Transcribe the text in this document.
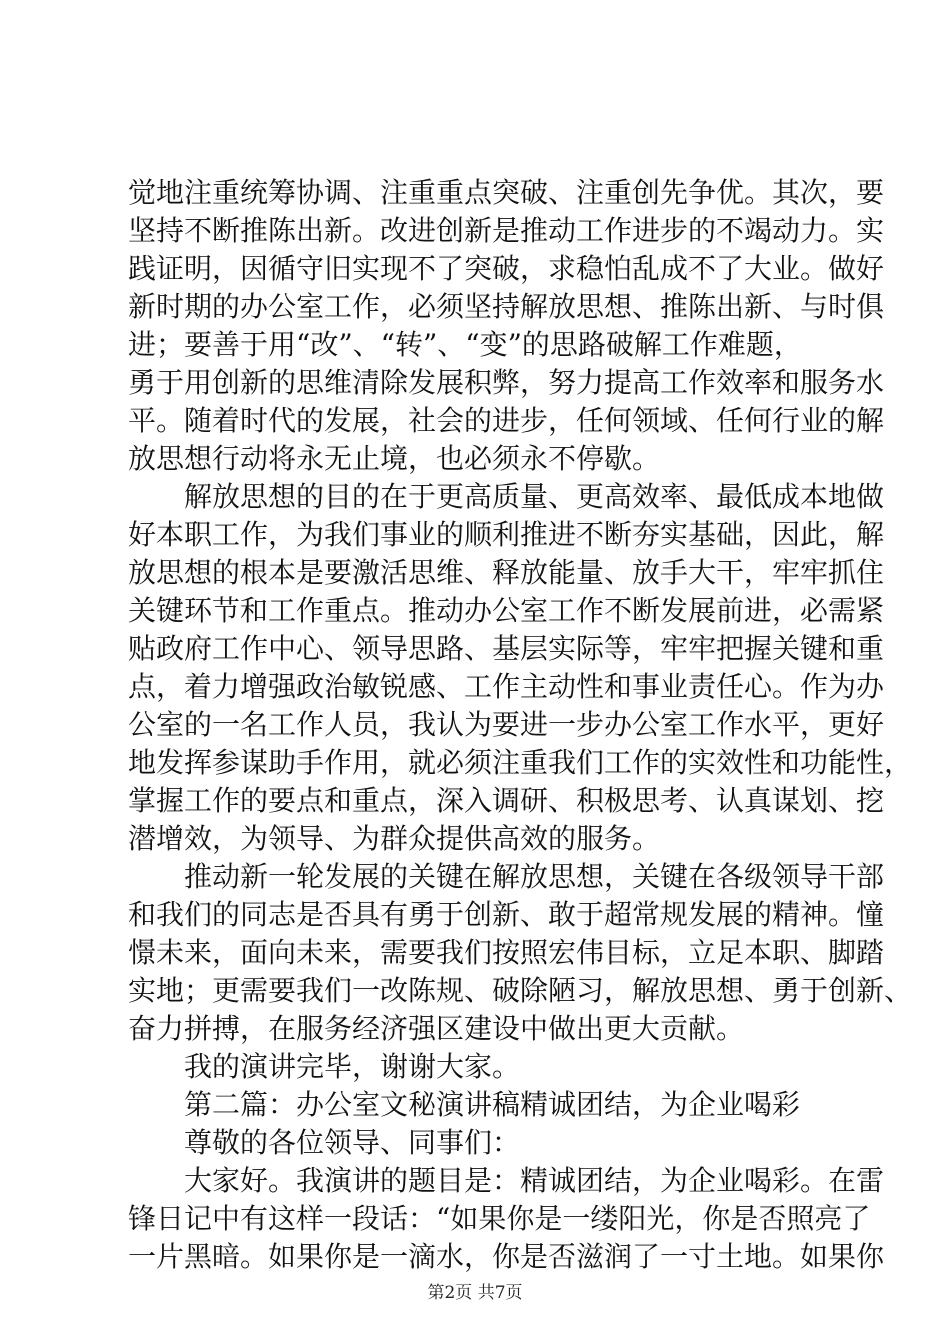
觉地注重统筹协调、注重重点突破、注重创先争优。其次，要
坚持不断推陈出新。改进创新是推动工作进步的不竭动力。实
践证明，因循守旧实现不了突破，求稳怕乱成不了大业。做好
新时期的办公室工作，必须坚持解放思想、推陈出新、与时俱
进；要善于用“改”、“转”、“变”的思路破解工作难题，
勇于用创新的思维清除发展积弊，努力提高工作效率和服务水
平。随着时代的发展，社会的进步，任何领域、任何行业的解
放思想行动将永无止境，也必须永不停歇。
解放思想的目的在于更高质量、更高效率、最低成本地做
好本职工作，为我们事业的顺利推进不断夯实基础，因此，解
放思想的根本是要激活思维、释放能量、放手大干，牢牢抓住
关键环节和工作重点。推动办公室工作不断发展前进，必需紧
贴政府工作中心、领导思路、基层实际等，牢牢把握关键和重
点，着力增强政治敏锐感、工作主动性和事业责任心。作为办
公室的一名工作人员，我认为要进一步办公室工作水平，更好
地发挥参谋助手作用，就必须注重我们工作的实效性和功能性，
掌握工作的要点和重点，深入调研、积极思考、认真谋划、挖
潜增效，为领导、为群众提供高效的服务。
推动新一轮发展的关键在解放思想，关键在各级领导干部
和我们的同志是否具有勇于创新、敢于超常规发展的精神。憧
憬未来，面向未来，需要我们按照宏伟目标，立足本职、脚踏
实地；更需要我们一改陈规、破除陋习，解放思想、勇于创新、
奋力拼搏，在服务经济强区建设中做出更大贡献。
我的演讲完毕，谢谢大家。
第二篇：办公室文秘演讲稿精诚团结，为企业喝彩
尊敬的各位领导、同事们：
大家好。我演讲的题目是：精诚团结，为企业喝彩。在雷
锋日记中有这样一段话：“如果你是一缕阳光，你是否照亮了
一片黑暗。如果你是一滴水，你是否滋润了一寸土地。如果你
第2页 共7页
